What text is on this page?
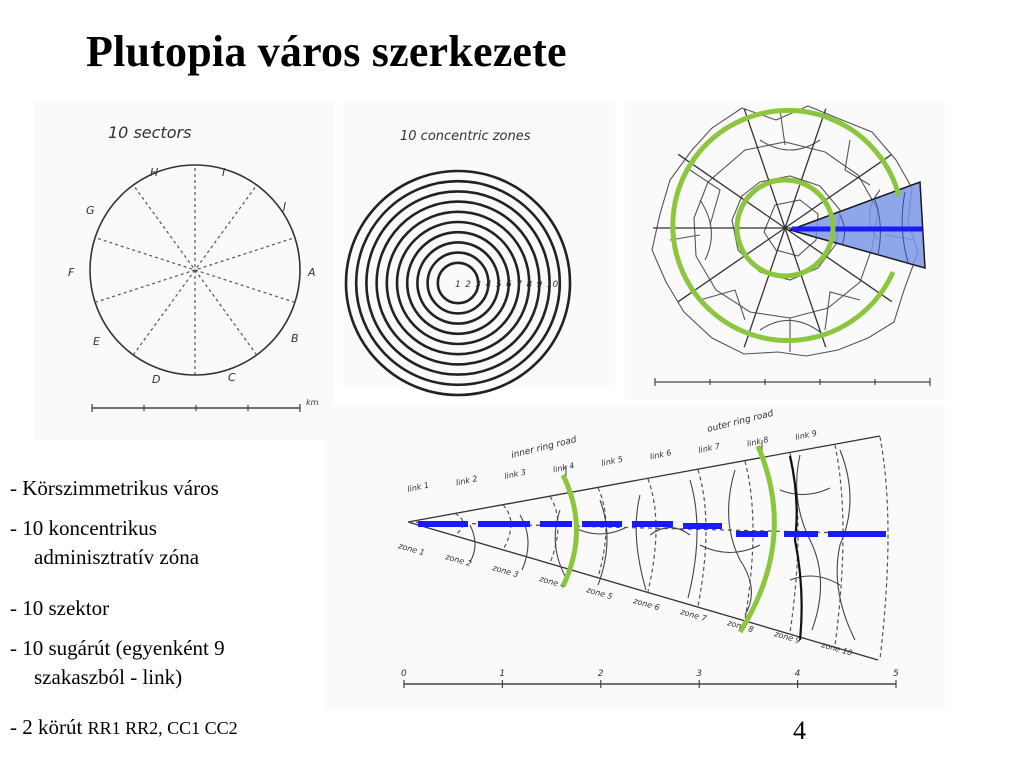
Plutopia város szerkezete
10 sectors
H	I
J
G
F	A
E	B
D	C
km
10 concentric zones
1 2 3 4 5 6 7 8 9 10
link 1	link 2	link 3	link 4	link 5	link 6	link 7	link 8	link 9
zone 1
zone 2
zone 3
zone 4
zone 5
zone 6
zone 7
zone 8
zone 9
zone 10
inner ring road
outer ring road
0	1	2	3	4	5
- Körszimmetrikus város
- 10 koncentrikus
adminisztratív zóna
- 10 szektor
- 10 sugárút (egyenként 9
szakaszból - link)
- 2 körút RR1 RR2, CC1 CC2	4
